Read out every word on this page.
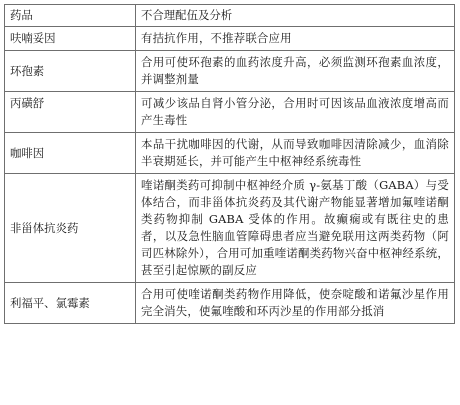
药品	不合理配伍及分析
呋喃妥因	有拮抗作用，不推荐联合应用
环孢素	合用可使环孢素的血药浓度升高，必须监测环孢素血浓度，并调整剂量
丙磺舒	可减少该品自肾小管分泌，合用时可因该品血液浓度增高而产生毒性
咖啡因	本品干扰咖啡因的代谢，从而导致咖啡因清除减少，血消除半衰期延长，并可能产生中枢神经系统毒性
非甾体抗炎药	喹诺酮类药可抑制中枢神经介质 γ-氨基丁酸（GABA）与受体结合，而非甾体抗炎药及其代谢产物能显著增加氟喹诺酮类药物抑制 GABA 受体的作用。故癫痫或有既往史的患者，以及急性脑血管障碍患者应当避免联用这两类药物（阿司匹林除外），合用可加重喹诺酮类药物兴奋中枢神经系统，甚至引起惊厥的副反应
利福平、氯霉素	合用可使喹诺酮类药物作用降低，使奈啶酸和诺氟沙星作用完全消失，使氟喹酸和环丙沙星的作用部分抵消
